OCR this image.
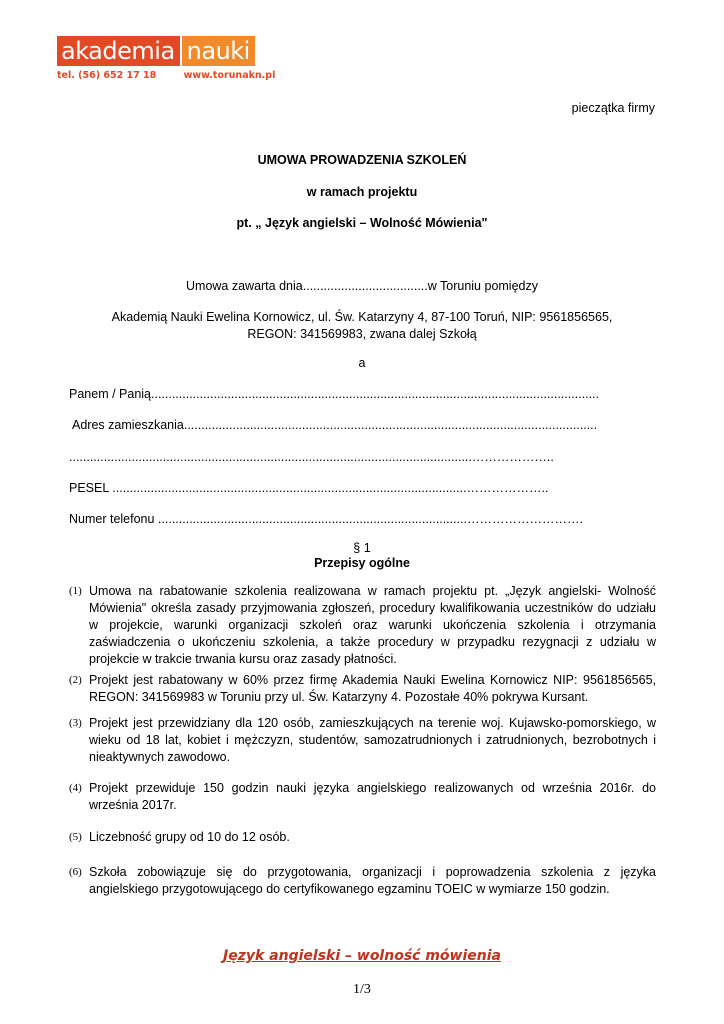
akademia nauki
tel. (56) 652 17 18	www.torunakn.pl
pieczątka firmy
UMOWA PROWADZENIA SZKOLEŃ
w ramach projektu
pt. „ Język angielski – Wolność Mówienia"
Umowa zawarta dnia....................................w Toruniu pomiędzy
Akademią Nauki Ewelina Kornowicz, ul. Św. Katarzyny 4, 87-100 Toruń, NIP: 9561856565, REGON: 341569983, zwana dalej Szkołą
a
Panem / Panią.................................................................................................................................
Adres zamieszkania.......................................................................................................................
....................................................................................................................………………..
PESEL ......................................................................................................………………..
Numer telefonu .........................................................................................……………………….
§ 1
Przepisy ogólne
(1) Umowa na rabatowanie szkolenia realizowana w ramach projektu pt. „Język angielski- Wolność Mówienia" określa zasady przyjmowania zgłoszeń, procedury kwalifikowania uczestników do udziału w projekcie, warunki organizacji szkoleń oraz warunki ukończenia szkolenia i otrzymania zaświadczenia o ukończeniu szkolenia, a także procedury w przypadku rezygnacji z udziału w projekcie w trakcie trwania kursu oraz zasady płatności.
(2) Projekt jest rabatowany w 60% przez firmę Akademia Nauki Ewelina Kornowicz NIP: 9561856565, REGON: 341569983 w Toruniu przy ul. Św. Katarzyny 4. Pozostałe 40% pokrywa Kursant.
(3) Projekt jest przewidziany dla 120 osób, zamieszkujących na terenie woj. Kujawsko-pomorskiego, w wieku od 18 lat, kobiet i mężczyzn, studentów, samozatrudnionych i zatrudnionych, bezrobotnych i nieaktywnych zawodowo.
(4) Projekt przewiduje 150 godzin nauki języka angielskiego realizowanych od września 2016r. do września 2017r.
(5) Liczebność grupy od 10 do 12 osób.
(6) Szkoła zobowiązuje się do przygotowania, organizacji i poprowadzenia szkolenia z języka angielskiego przygotowującego do certyfikowanego egzaminu TOEIC w wymiarze 150 godzin.
Język angielski – wolność mówienia
1/3
